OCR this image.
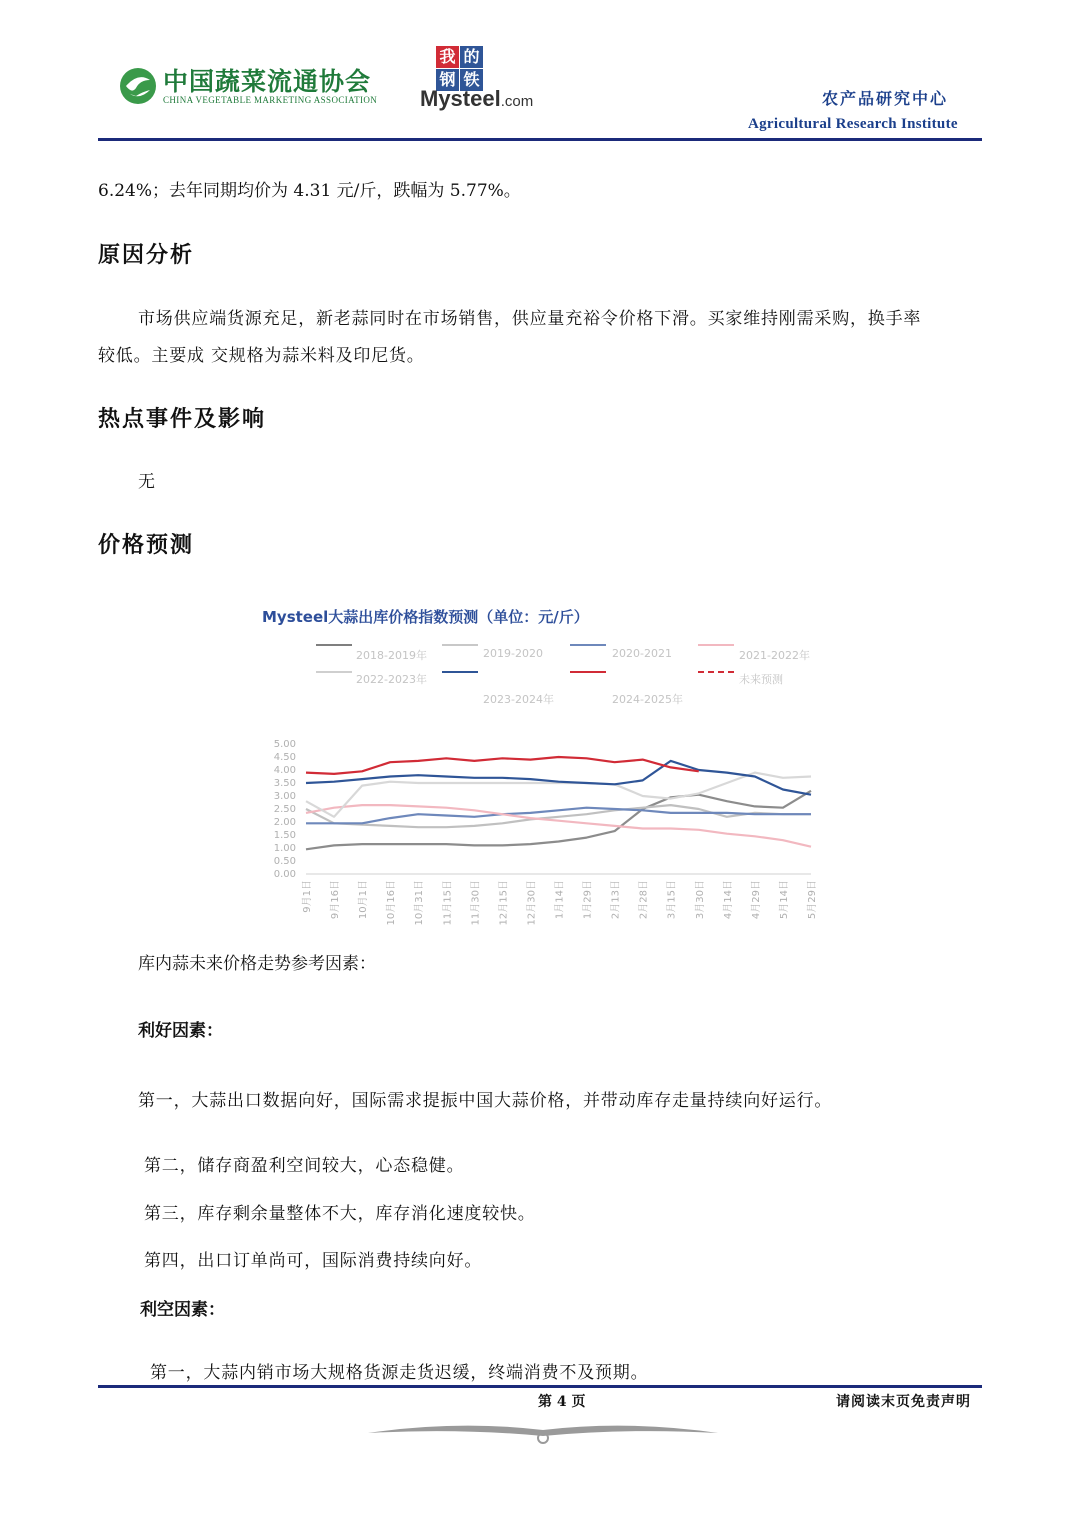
中国蔬菜流通协会
CHINA VEGETABLE MARKETING ASSOCIATION
我 的
钢 铁
Mysteel.com	农产品研究中心
Agricultural Research Institute
6.24%；去年同期均价为 4.31 元/斤，跌幅为 5.77%。
原因分析
市场供应端货源充足，新老蒜同时在市场销售，供应量充裕令价格下滑。买家维持刚需采购，换手率
较低。主要成 交规格为蒜米料及印尼货。
热点事件及影响
无
价格预测
Mysteel大蒜出库价格指数预测（单位：元/斤）
2018-2019年	2019-2020	2020-2021	2021-2022年
2022-2023年
2023-2024年	2024-2025年
未来预测
5.00
4.50
4.00
3.50
3.00
2.50
2.00
1.50
1.00
0.50
0.00
9月1日 9月16日 10月1日 10月16日 10月31日 11月15日 11月30日 12月15日 12月30日 1月14日 1月29日 2月13日 2月28日 3月15日 3月30日 4月14日 4月29日 5月14日 5月29日
库内蒜未来价格走势参考因素：
利好因素：
第一，大蒜出口数据向好，国际需求提振中国大蒜价格，并带动库存走量持续向好运行。
第二，储存商盈利空间较大，心态稳健。
第三，库存剩余量整体不大，库存消化速度较快。
第四，出口订单尚可，国际消费持续向好。
利空因素：
第一，大蒜内销市场大规格货源走货迟缓，终端消费不及预期。
第 4 页	请阅读末页免责声明
